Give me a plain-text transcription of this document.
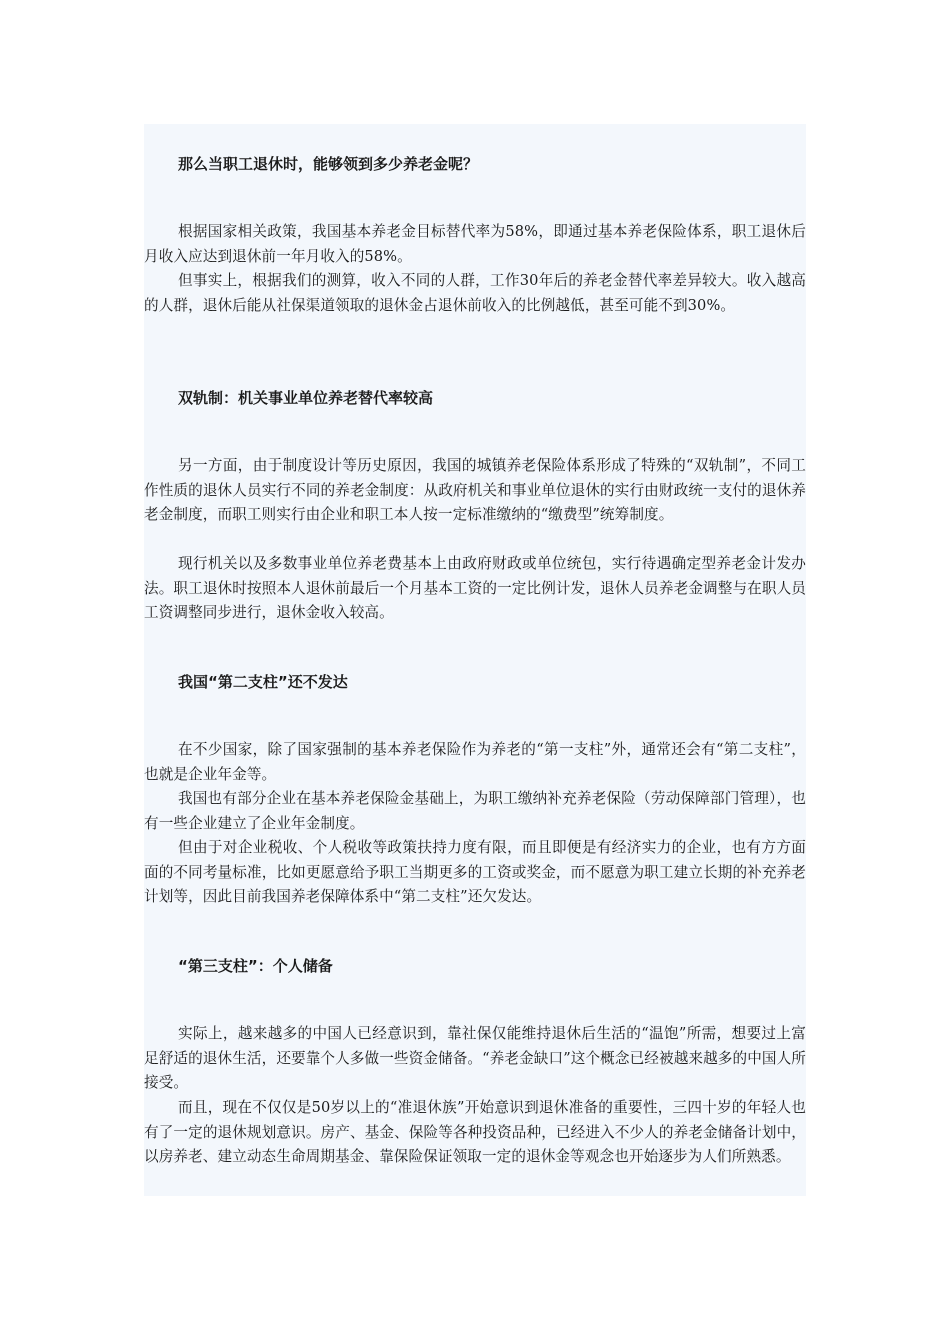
那么当职工退休时，能够领到多少养老金呢？

根据国家相关政策，我国基本养老金目标替代率为58%，即通过基本养老保险体系，职工退休后月收入应达到退休前一年月收入的58%。

但事实上，根据我们的测算，收入不同的人群，工作30年后的养老金替代率差异较大。收入越高的人群，退休后能从社保渠道领取的退休金占退休前收入的比例越低，甚至可能不到30%。

双轨制：机关事业单位养老替代率较高

另一方面，由于制度设计等历史原因，我国的城镇养老保险体系形成了特殊的“双轨制”，不同工作性质的退休人员实行不同的养老金制度：从政府机关和事业单位退休的实行由财政统一支付的退休养老金制度，而职工则实行由企业和职工本人按一定标准缴纳的“缴费型”统筹制度。

现行机关以及多数事业单位养老费基本上由政府财政或单位统包，实行待遇确定型养老金计发办法。职工退休时按照本人退休前最后一个月基本工资的一定比例计发，退休人员养老金调整与在职人员工资调整同步进行，退休金收入较高。

我国“第二支柱”还不发达

在不少国家，除了国家强制的基本养老保险作为养老的“第一支柱”外，通常还会有“第二支柱”，也就是企业年金等。

我国也有部分企业在基本养老保险金基础上，为职工缴纳补充养老保险（劳动保障部门管理），也有一些企业建立了企业年金制度。

但由于对企业税收、个人税收等政策扶持力度有限，而且即便是有经济实力的企业，也有方方面面的不同考量标准，比如更愿意给予职工当期更多的工资或奖金，而不愿意为职工建立长期的补充养老计划等，因此目前我国养老保障体系中“第二支柱”还欠发达。

“第三支柱”：个人储备

实际上，越来越多的中国人已经意识到，靠社保仅能维持退休后生活的“温饱”所需，想要过上富足舒适的退休生活，还要靠个人多做一些资金储备。“养老金缺口”这个概念已经被越来越多的中国人所接受。

而且，现在不仅仅是50岁以上的“准退休族”开始意识到退休准备的重要性，三四十岁的年轻人也有了一定的退休规划意识。房产、基金、保险等各种投资品种，已经进入不少人的养老金储备计划中，以房养老、建立动态生命周期基金、靠保险保证领取一定的退休金等观念也开始逐步为人们所熟悉。
